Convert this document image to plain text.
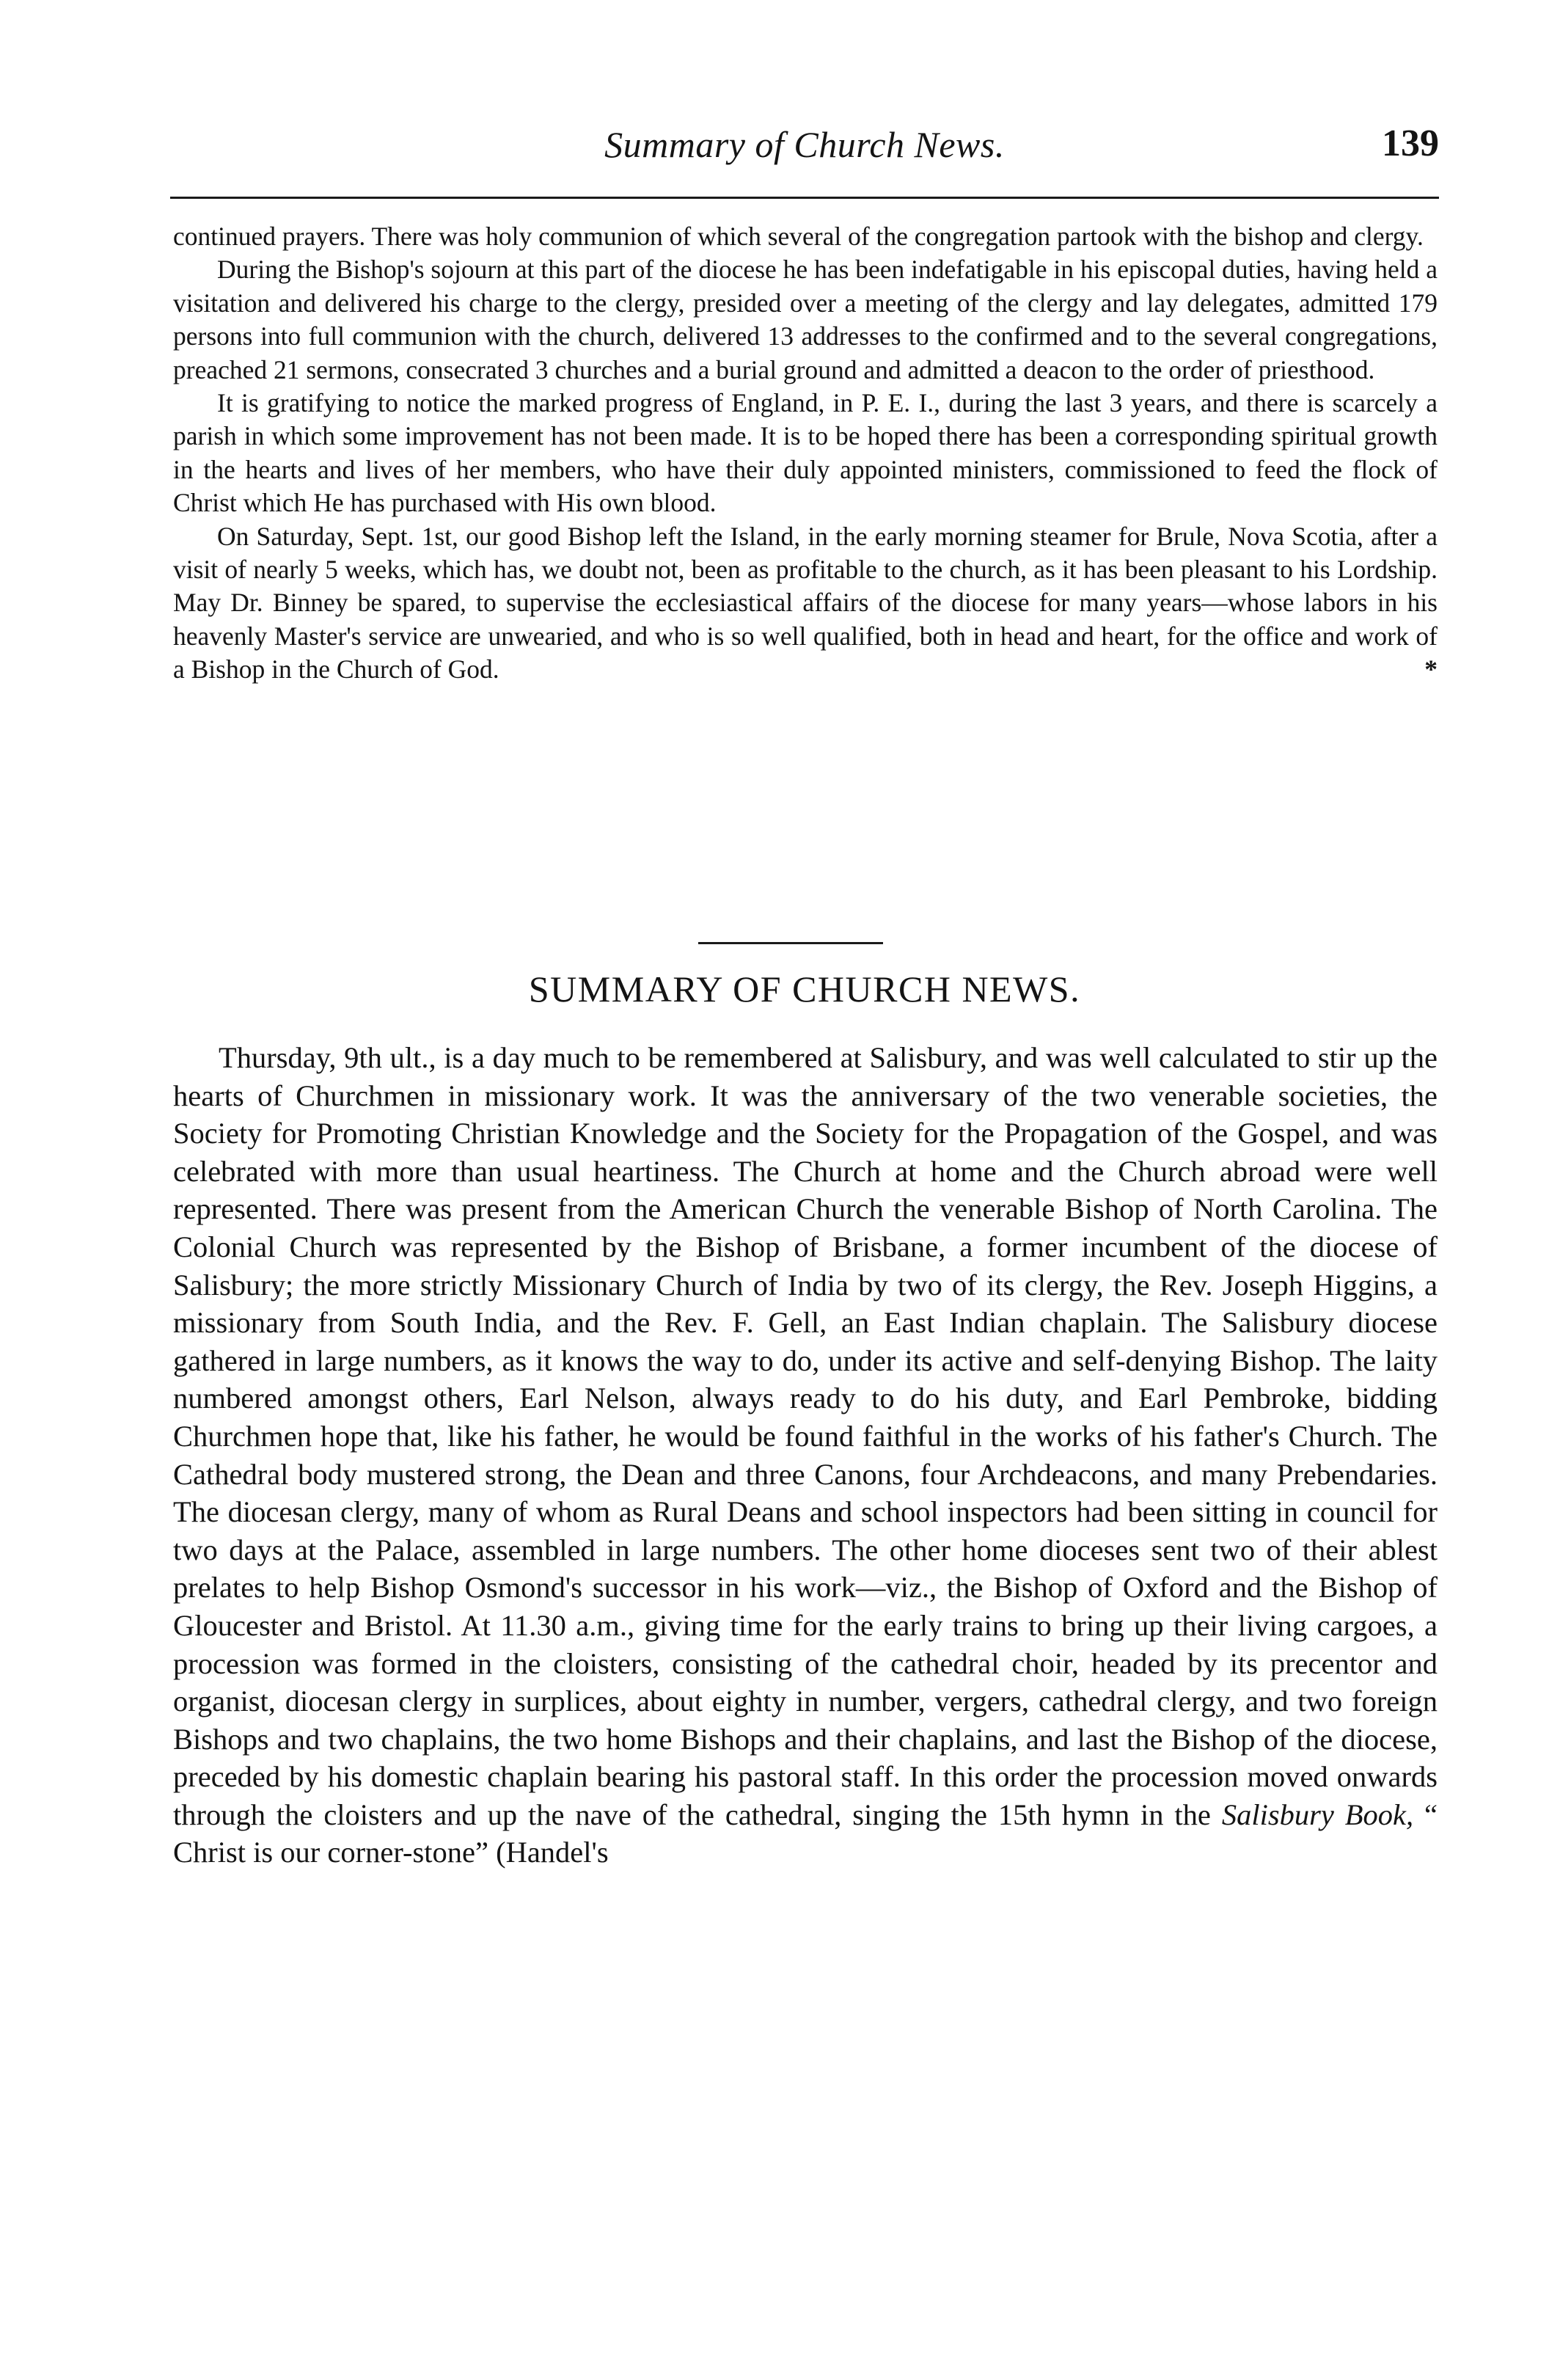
Summary of Church News.	139

continued prayers. There was holy communion of which several of the congregation partook with the bishop and clergy.

During the Bishop's sojourn at this part of the diocese he has been indefatigable in his episcopal duties, having held a visitation and delivered his charge to the clergy, presided over a meeting of the clergy and lay delegates, admitted 179 persons into full communion with the church, delivered 13 addresses to the confirmed and to the several congregations, preached 21 sermons, consecrated 3 churches and a burial ground and admitted a deacon to the order of priesthood.

It is gratifying to notice the marked progress of England, in P. E. I., during the last 3 years, and there is scarcely a parish in which some improvement has not been made. It is to be hoped there has been a corresponding spiritual growth in the hearts and lives of her members, who have their duly appointed ministers, commissioned to feed the flock of Christ which He has purchased with His own blood.

On Saturday, Sept. 1st, our good Bishop left the Island, in the early morning steamer for Brule, Nova Scotia, after a visit of nearly 5 weeks, which has, we doubt not, been as profitable to the church, as it has been pleasant to his Lordship. May Dr. Binney be spared, to supervise the ecclesiastical affairs of the diocese for many years—whose labors in his heavenly Master's service are unwearied, and who is so well qualified, both in head and heart, for the office and work of a Bishop in the Church of God.	*

SUMMARY OF CHURCH NEWS.

Thursday, 9th ult., is a day much to be remembered at Salisbury, and was well calculated to stir up the hearts of Churchmen in missionary work. It was the anniversary of the two venerable societies, the Society for Promoting Christian Knowledge and the Society for the Propagation of the Gospel, and was celebrated with more than usual heartiness. The Church at home and the Church abroad were well represented. There was present from the American Church the venerable Bishop of North Carolina. The Colonial Church was represented by the Bishop of Brisbane, a former incumbent of the diocese of Salisbury; the more strictly Missionary Church of India by two of its clergy, the Rev. Joseph Higgins, a missionary from South India, and the Rev. F. Gell, an East Indian chaplain. The Salisbury diocese gathered in large numbers, as it knows the way to do, under its active and self-denying Bishop. The laity numbered amongst others, Earl Nelson, always ready to do his duty, and Earl Pembroke, bidding Churchmen hope that, like his father, he would be found faithful in the works of his father's Church. The Cathedral body mustered strong, the Dean and three Canons, four Archdeacons, and many Prebendaries. The diocesan clergy, many of whom as Rural Deans and school inspectors had been sitting in council for two days at the Palace, assembled in large numbers. The other home dioceses sent two of their ablest prelates to help Bishop Osmond's successor in his work—viz., the Bishop of Oxford and the Bishop of Gloucester and Bristol. At 11.30 a.m., giving time for the early trains to bring up their living cargoes, a procession was formed in the cloisters, consisting of the cathedral choir, headed by its precentor and organist, diocesan clergy in surplices, about eighty in number, vergers, cathedral clergy, and two foreign Bishops and two chaplains, the two home Bishops and their chaplains, and last the Bishop of the diocese, preceded by his domestic chaplain bearing his pastoral staff. In this order the procession moved onwards through the cloisters and up the nave of the cathedral, singing the 15th hymn in the Salisbury Book, “ Christ is our corner-stone” (Handel's
